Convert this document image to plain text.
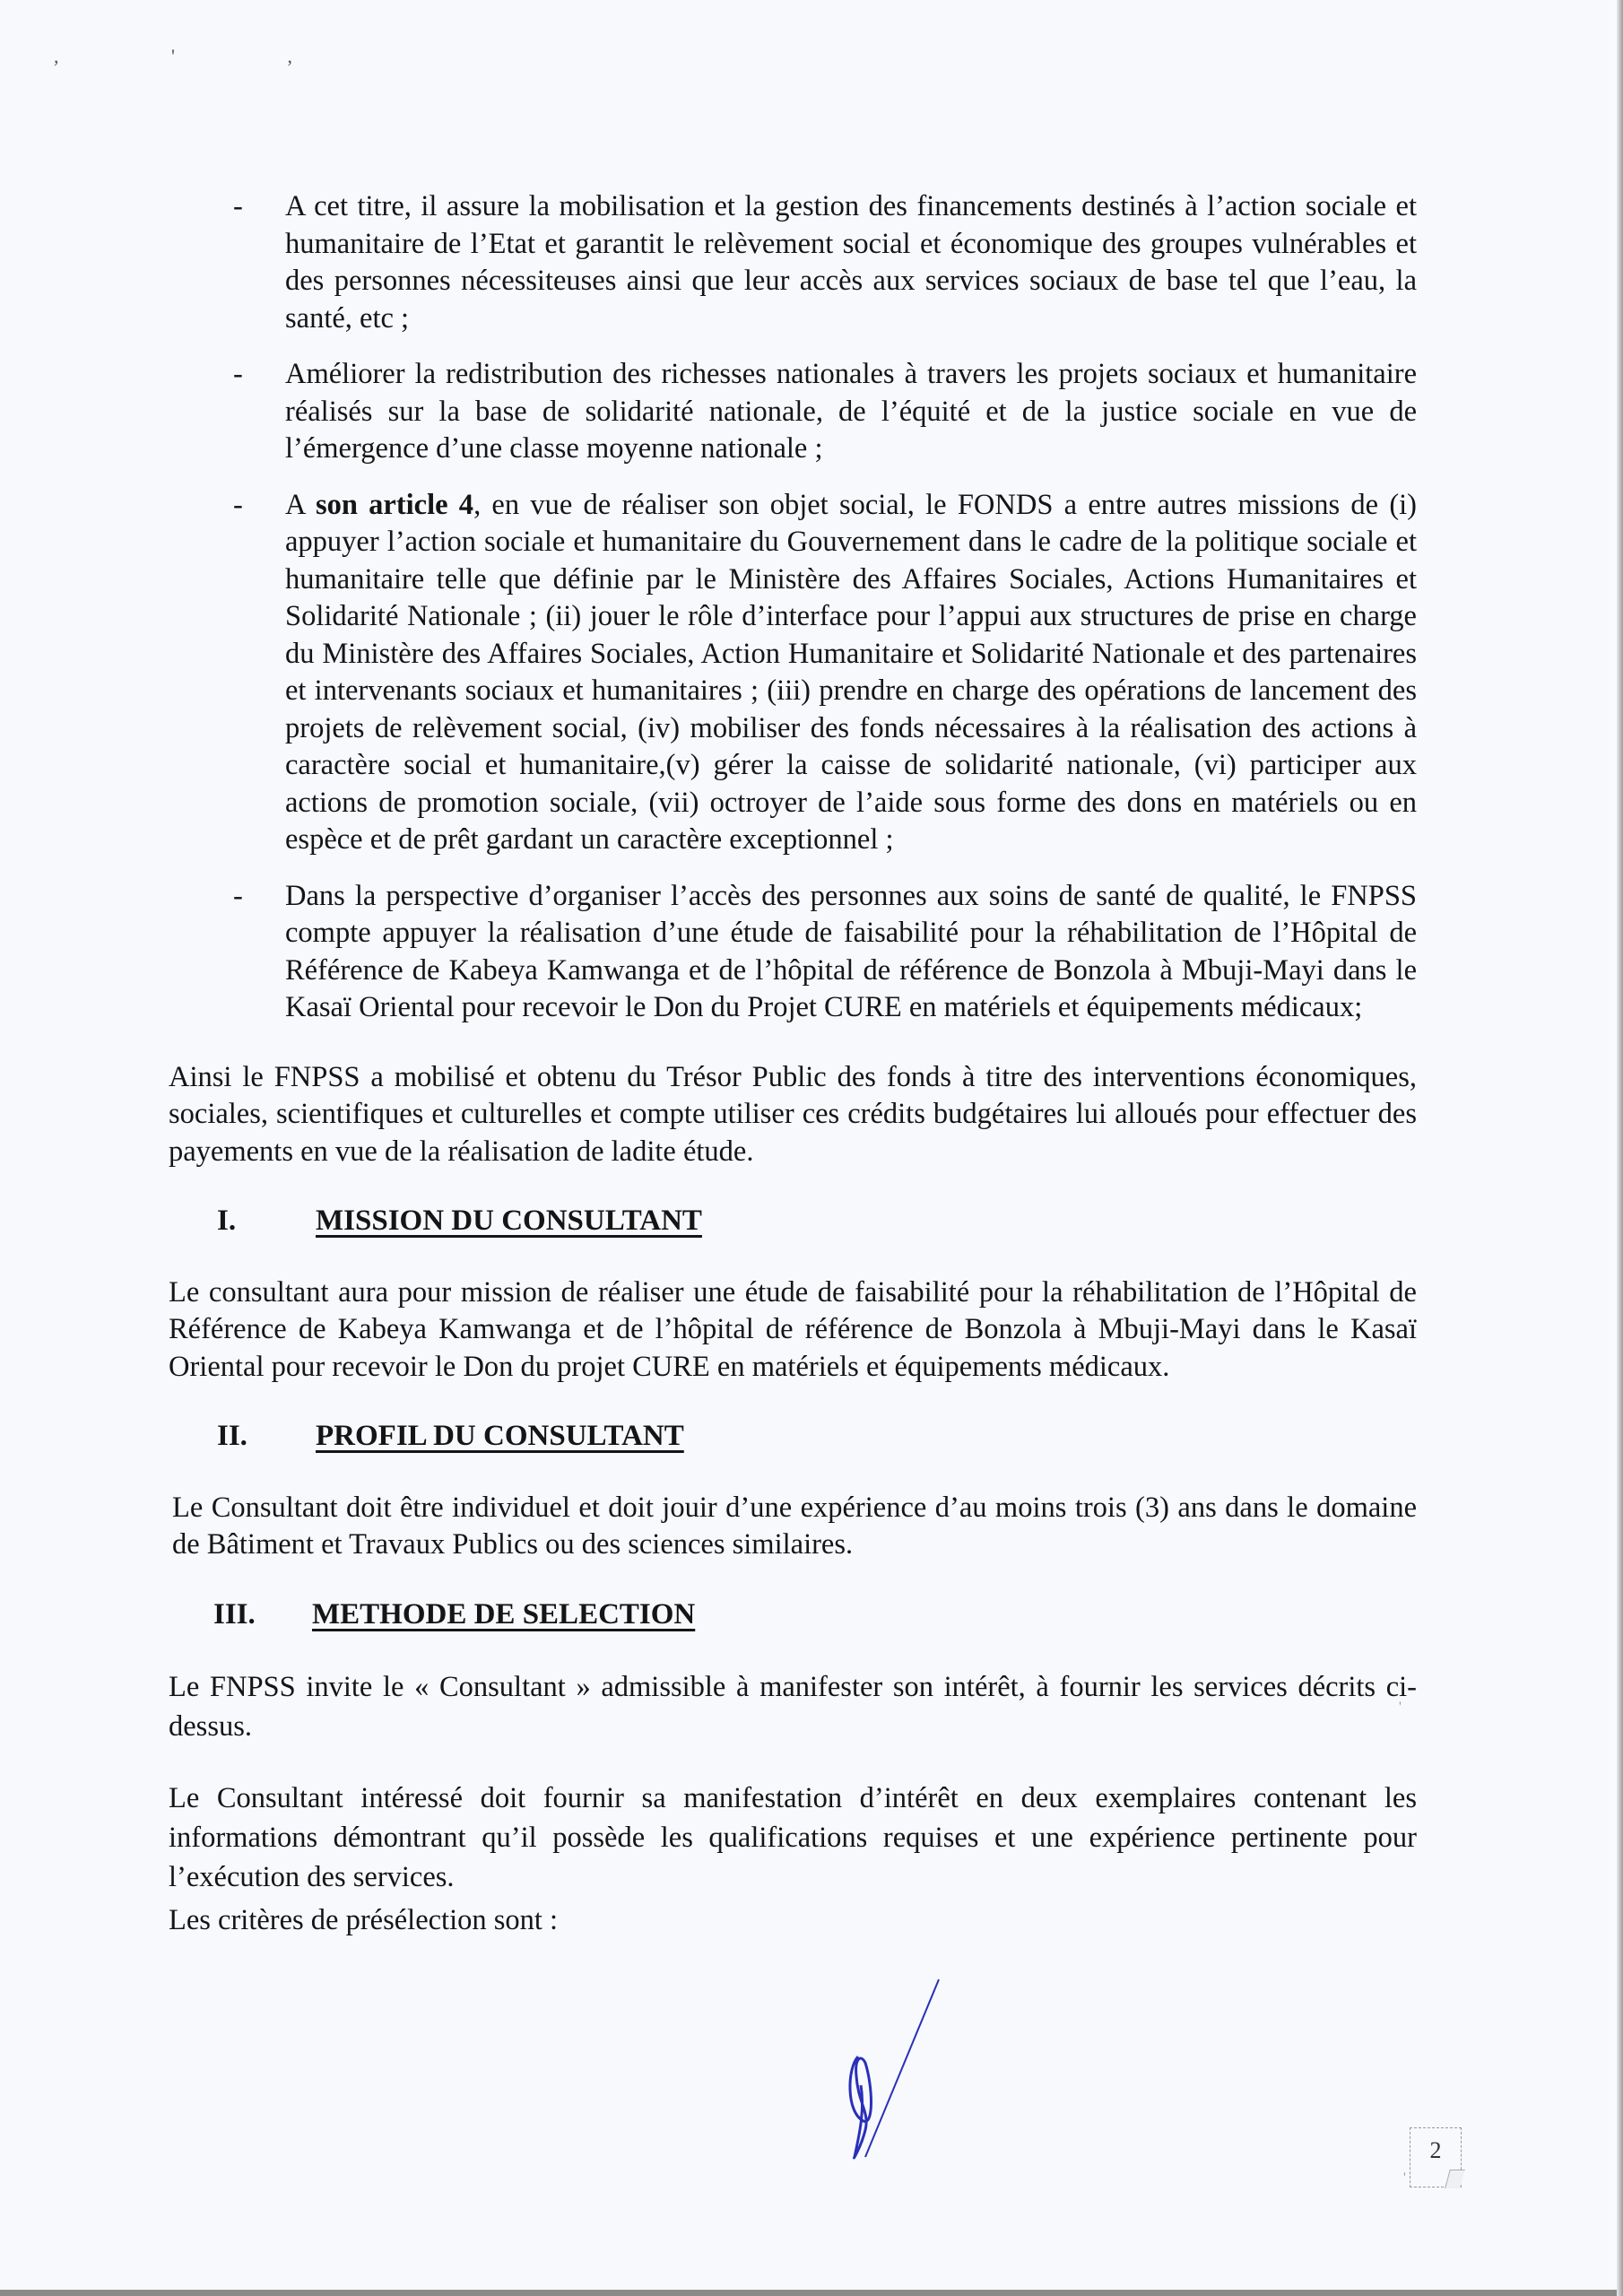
, ' ,
- A cet titre, il assure la mobilisation et la gestion des financements destinés à l’action sociale et humanitaire de l’Etat et garantit le relèvement social et économique des groupes vulnérables et des personnes nécessiteuses ainsi que leur accès aux services sociaux de base tel que l’eau, la santé, etc ;

- Améliorer la redistribution des richesses nationales à travers les projets sociaux et humanitaire réalisés sur la base de solidarité nationale, de l’équité et de la justice sociale en vue de l’émergence d’une classe moyenne nationale ;

- A son article 4, en vue de réaliser son objet social, le FONDS a entre autres missions de (i) appuyer l’action sociale et humanitaire du Gouvernement dans le cadre de la politique sociale et humanitaire telle que définie par le Ministère des Affaires Sociales, Actions Humanitaires et Solidarité Nationale ; (ii) jouer le rôle d’interface pour l’appui aux structures de prise en charge du Ministère des Affaires Sociales, Action Humanitaire et Solidarité Nationale et des partenaires et intervenants sociaux et humanitaires ; (iii) prendre en charge des opérations de lancement des projets de relèvement social, (iv) mobiliser des fonds nécessaires à la réalisation des actions à caractère social et humanitaire,(v) gérer la caisse de solidarité nationale, (vi) participer aux actions de promotion sociale, (vii) octroyer de l’aide sous forme des dons en matériels ou en espèce et de prêt gardant un caractère exceptionnel ;

- Dans la perspective d’organiser l’accès des personnes aux soins de santé de qualité, le FNPSS compte appuyer la réalisation d’une étude de faisabilité pour la réhabilitation de l’Hôpital de Référence de Kabeya Kamwanga et de l’hôpital de référence de Bonzola à Mbuji-Mayi dans le Kasaï Oriental pour recevoir le Don du Projet CURE en matériels et équipements médicaux;

Ainsi le FNPSS a mobilisé et obtenu du Trésor Public des fonds à titre des interventions économiques, sociales, scientifiques et culturelles et compte utiliser ces crédits budgétaires lui alloués pour effectuer des payements en vue de la réalisation de ladite étude.

I.	MISSION DU CONSULTANT

Le consultant aura pour mission de réaliser une étude de faisabilité pour la réhabilitation de l’Hôpital de Référence de Kabeya Kamwanga et de l’hôpital de référence de Bonzola à Mbuji-Mayi dans le Kasaï Oriental pour recevoir le Don du projet CURE en matériels et équipements médicaux.

II.	PROFIL DU CONSULTANT

Le Consultant doit être individuel et doit jouir d’une expérience d’au moins trois (3) ans dans le domaine de Bâtiment et Travaux Publics ou des sciences similaires.

III.	METHODE DE SELECTION

Le FNPSS invite le « Consultant » admissible à manifester son intérêt, à fournir les services décrits ci-dessus.

Le Consultant intéressé doit fournir sa manifestation d’intérêt en deux exemplaires contenant les informations démontrant qu’il possède les qualifications requises et une expérience pertinente pour l’exécution des services.

Les critères de présélection sont :

2
'
'
